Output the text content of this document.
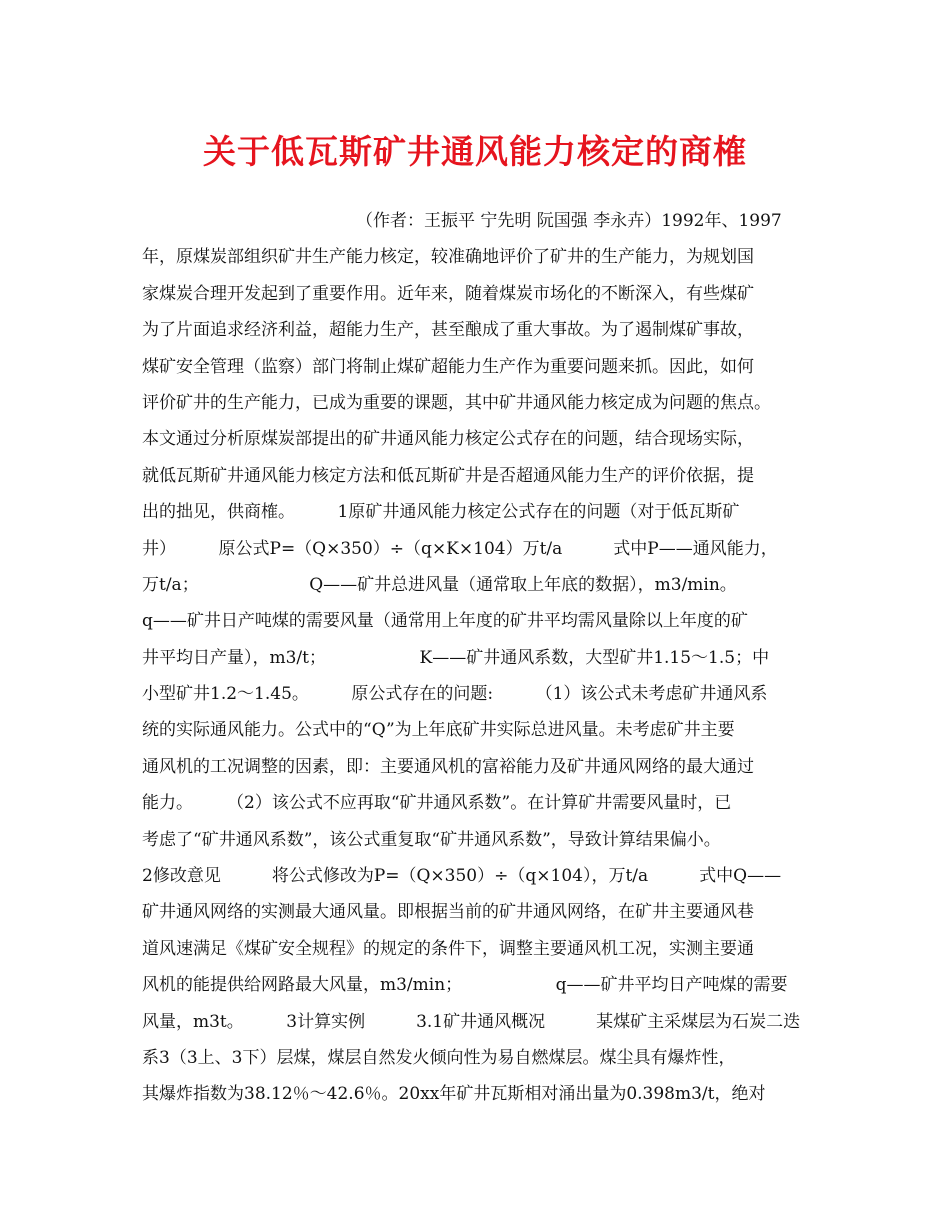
关于低瓦斯矿井通风能力核定的商榷
（作者：王振平 宁先明 阮国强 李永卉）1992年、1997
年，原煤炭部组织矿井生产能力核定，较准确地评价了矿井的生产能力，为规划国
家煤炭合理开发起到了重要作用。近年来，随着煤炭市场化的不断深入，有些煤矿
为了片面追求经济利益，超能力生产，甚至酿成了重大事故。为了遏制煤矿事故，
煤矿安全管理（监察）部门将制止煤矿超能力生产作为重要问题来抓。因此，如何
评价矿井的生产能力，已成为重要的课题，其中矿井通风能力核定成为问题的焦点。
本文通过分析原煤炭部提出的矿井通风能力核定公式存在的问题，结合现场实际，
就低瓦斯矿井通风能力核定方法和低瓦斯矿井是否超通风能力生产的评价依据，提
出的拙见，供商榷。　　　1原矿井通风能力核定公式存在的问题（对于低瓦斯矿
井）　　　原公式P=（Q×350）÷（q×K×104）万t/a　　　式中P——通风能力，
万t/a；　　　　　　　Q——矿井总进风量（通常取上年底的数据），m3/min。
q——矿井日产吨煤的需要风量（通常用上年度的矿井平均需风量除以上年度的矿
井平均日产量），m3/t；　　　　　　K——矿井通风系数，大型矿井1.15～1.5；中
小型矿井1.2～1.45。　　　原公式存在的问题:　　　（1）该公式未考虑矿井通风系
统的实际通风能力。公式中的“Q”为上年底矿井实际总进风量。未考虑矿井主要
通风机的工况调整的因素，即：主要通风机的富裕能力及矿井通风网络的最大通过
能力。　　　（2）该公式不应再取“矿井通风系数”。在计算矿井需要风量时，已
考虑了“矿井通风系数”，该公式重复取“矿井通风系数”，导致计算结果偏小。
2修改意见　　　将公式修改为P=（Q×350）÷（q×104），万t/a　　　式中Q——
矿井通风网络的实测最大通风量。即根据当前的矿井通风网络，在矿井主要通风巷
道风速满足《煤矿安全规程》的规定的条件下，调整主要通风机工况，实测主要通
风机的能提供给网路最大风量，m3/min；　　　　　　q——矿井平均日产吨煤的需要
风量，m3t。　　　3计算实例　　　3.1矿井通风概况　　　某煤矿主采煤层为石炭二迭
系3（3上、3下）层煤，煤层自然发火倾向性为易自燃煤层。煤尘具有爆炸性，
其爆炸指数为38.12％～42.6％。20xx年矿井瓦斯相对涌出量为0.398m3/t，绝对
